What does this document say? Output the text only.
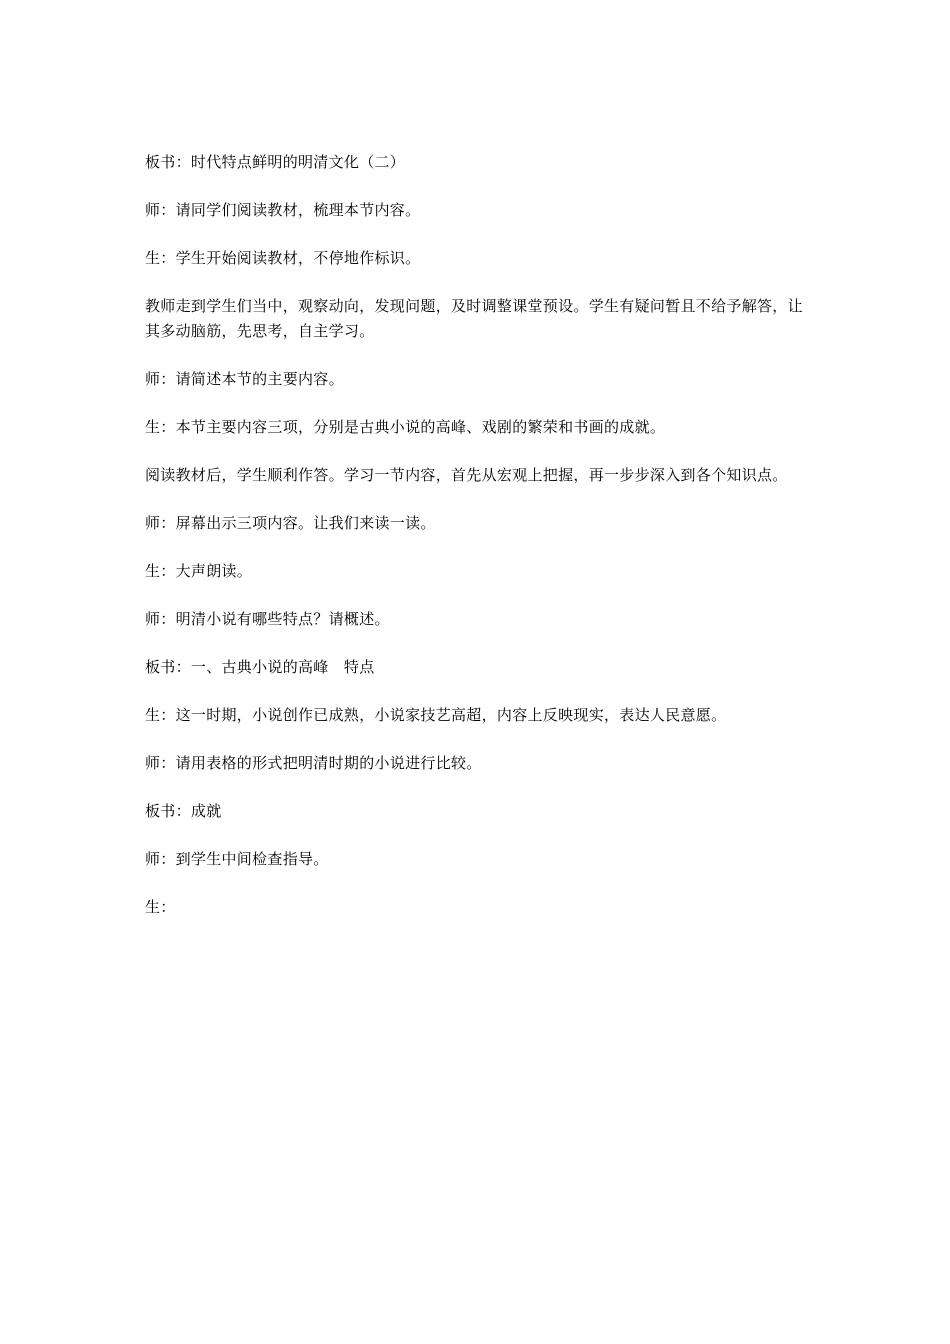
板书：时代特点鲜明的明清文化（二）

师：请同学们阅读教材，梳理本节内容。

生：学生开始阅读教材，不停地作标识。

教师走到学生们当中，观察动向，发现问题，及时调整课堂预设。学生有疑问暂且不给予解答，让其多动脑筋，先思考，自主学习。

师：请简述本节的主要内容。

生：本节主要内容三项，分别是古典小说的高峰、戏剧的繁荣和书画的成就。

阅读教材后，学生顺利作答。学习一节内容，首先从宏观上把握，再一步步深入到各个知识点。

师：屏幕出示三项内容。让我们来读一读。

生：大声朗读。

师：明清小说有哪些特点？请概述。

板书：一、古典小说的高峰　特点

生：这一时期，小说创作已成熟，小说家技艺高超，内容上反映现实，表达人民意愿。

师：请用表格的形式把明清时期的小说进行比较。

板书：成就

师：到学生中间检查指导。

生：
